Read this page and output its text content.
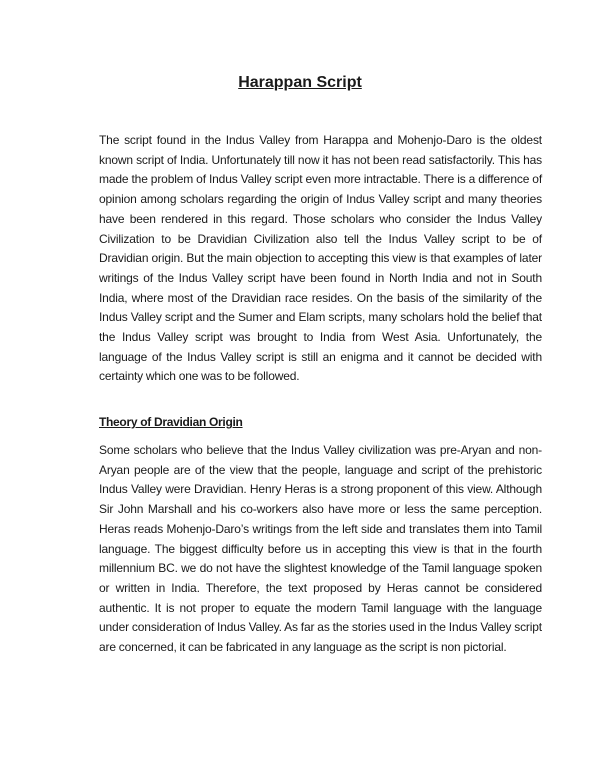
Harappan Script

The script found in the Indus Valley from Harappa and Mohenjo-Daro is the oldest known script of India. Unfortunately till now it has not been read satisfactorily. This has made the problem of Indus Valley script even more intractable. There is a difference of opinion among scholars regarding the origin of Indus Valley script and many theories have been rendered in this regard. Those scholars who consider the Indus Valley Civilization to be Dravidian Civilization also tell the Indus Valley script to be of Dravidian origin. But the main objection to accepting this view is that examples of later writings of the Indus Valley script have been found in North India and not in South India, where most of the Dravidian race resides. On the basis of the similarity of the Indus Valley script and the Sumer and Elam scripts, many scholars hold the belief that the Indus Valley script was brought to India from West Asia. Unfortunately, the language of the Indus Valley script is still an enigma and it cannot be decided with certainty which one was to be followed.

Theory of Dravidian Origin

Some scholars who believe that the Indus Valley civilization was pre-Aryan and non-Aryan people are of the view that the people, language and script of the prehistoric Indus Valley were Dravidian. Henry Heras is a strong proponent of this view. Although Sir John Marshall and his co-workers also have more or less the same perception. Heras reads Mohenjo-Daro’s writings from the left side and translates them into Tamil language. The biggest difficulty before us in accepting this view is that in the fourth millennium BC. we do not have the slightest knowledge of the Tamil language spoken or written in India. Therefore, the text proposed by Heras cannot be considered authentic. It is not proper to equate the modern Tamil language with the language under consideration of Indus Valley. As far as the stories used in the Indus Valley script are concerned, it can be fabricated in any language as the script is non pictorial.
